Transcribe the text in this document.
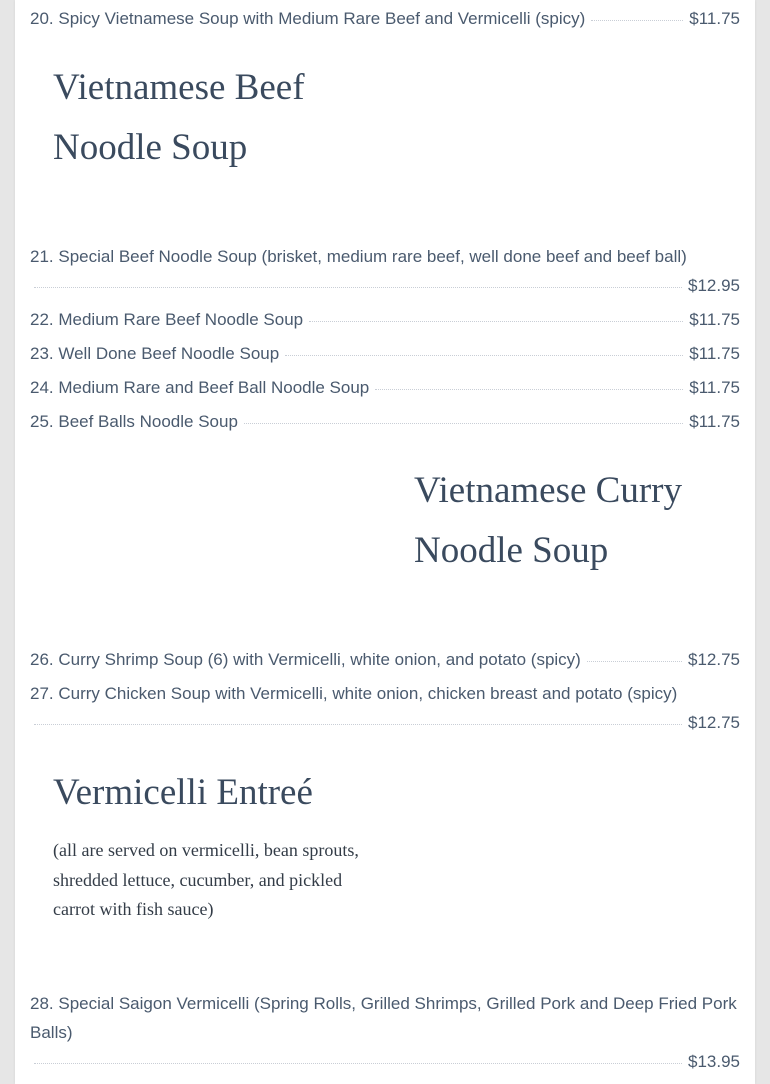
20. Spicy Vietnamese Soup with Medium Rare Beef and Vermicelli (spicy)	$11.75
Vietnamese Beef
Noodle Soup
21. Special Beef Noodle Soup (brisket, medium rare beef, well done beef and beef ball)
$12.95
22. Medium Rare Beef Noodle Soup	$11.75
23. Well Done Beef Noodle Soup	$11.75
24. Medium Rare and Beef Ball Noodle Soup	$11.75
25. Beef Balls Noodle Soup	$11.75
Vietnamese Curry
Noodle Soup
26. Curry Shrimp Soup (6) with Vermicelli, white onion, and potato (spicy)	$12.75
27. Curry Chicken Soup with Vermicelli, white onion, chicken breast and potato (spicy)
$12.75
Vermicelli Entreé
(all are served on vermicelli, bean sprouts, shredded lettuce, cucumber, and pickled carrot with fish sauce)
28. Special Saigon Vermicelli (Spring Rolls, Grilled Shrimps, Grilled Pork and Deep Fried Pork Balls)
$13.95
